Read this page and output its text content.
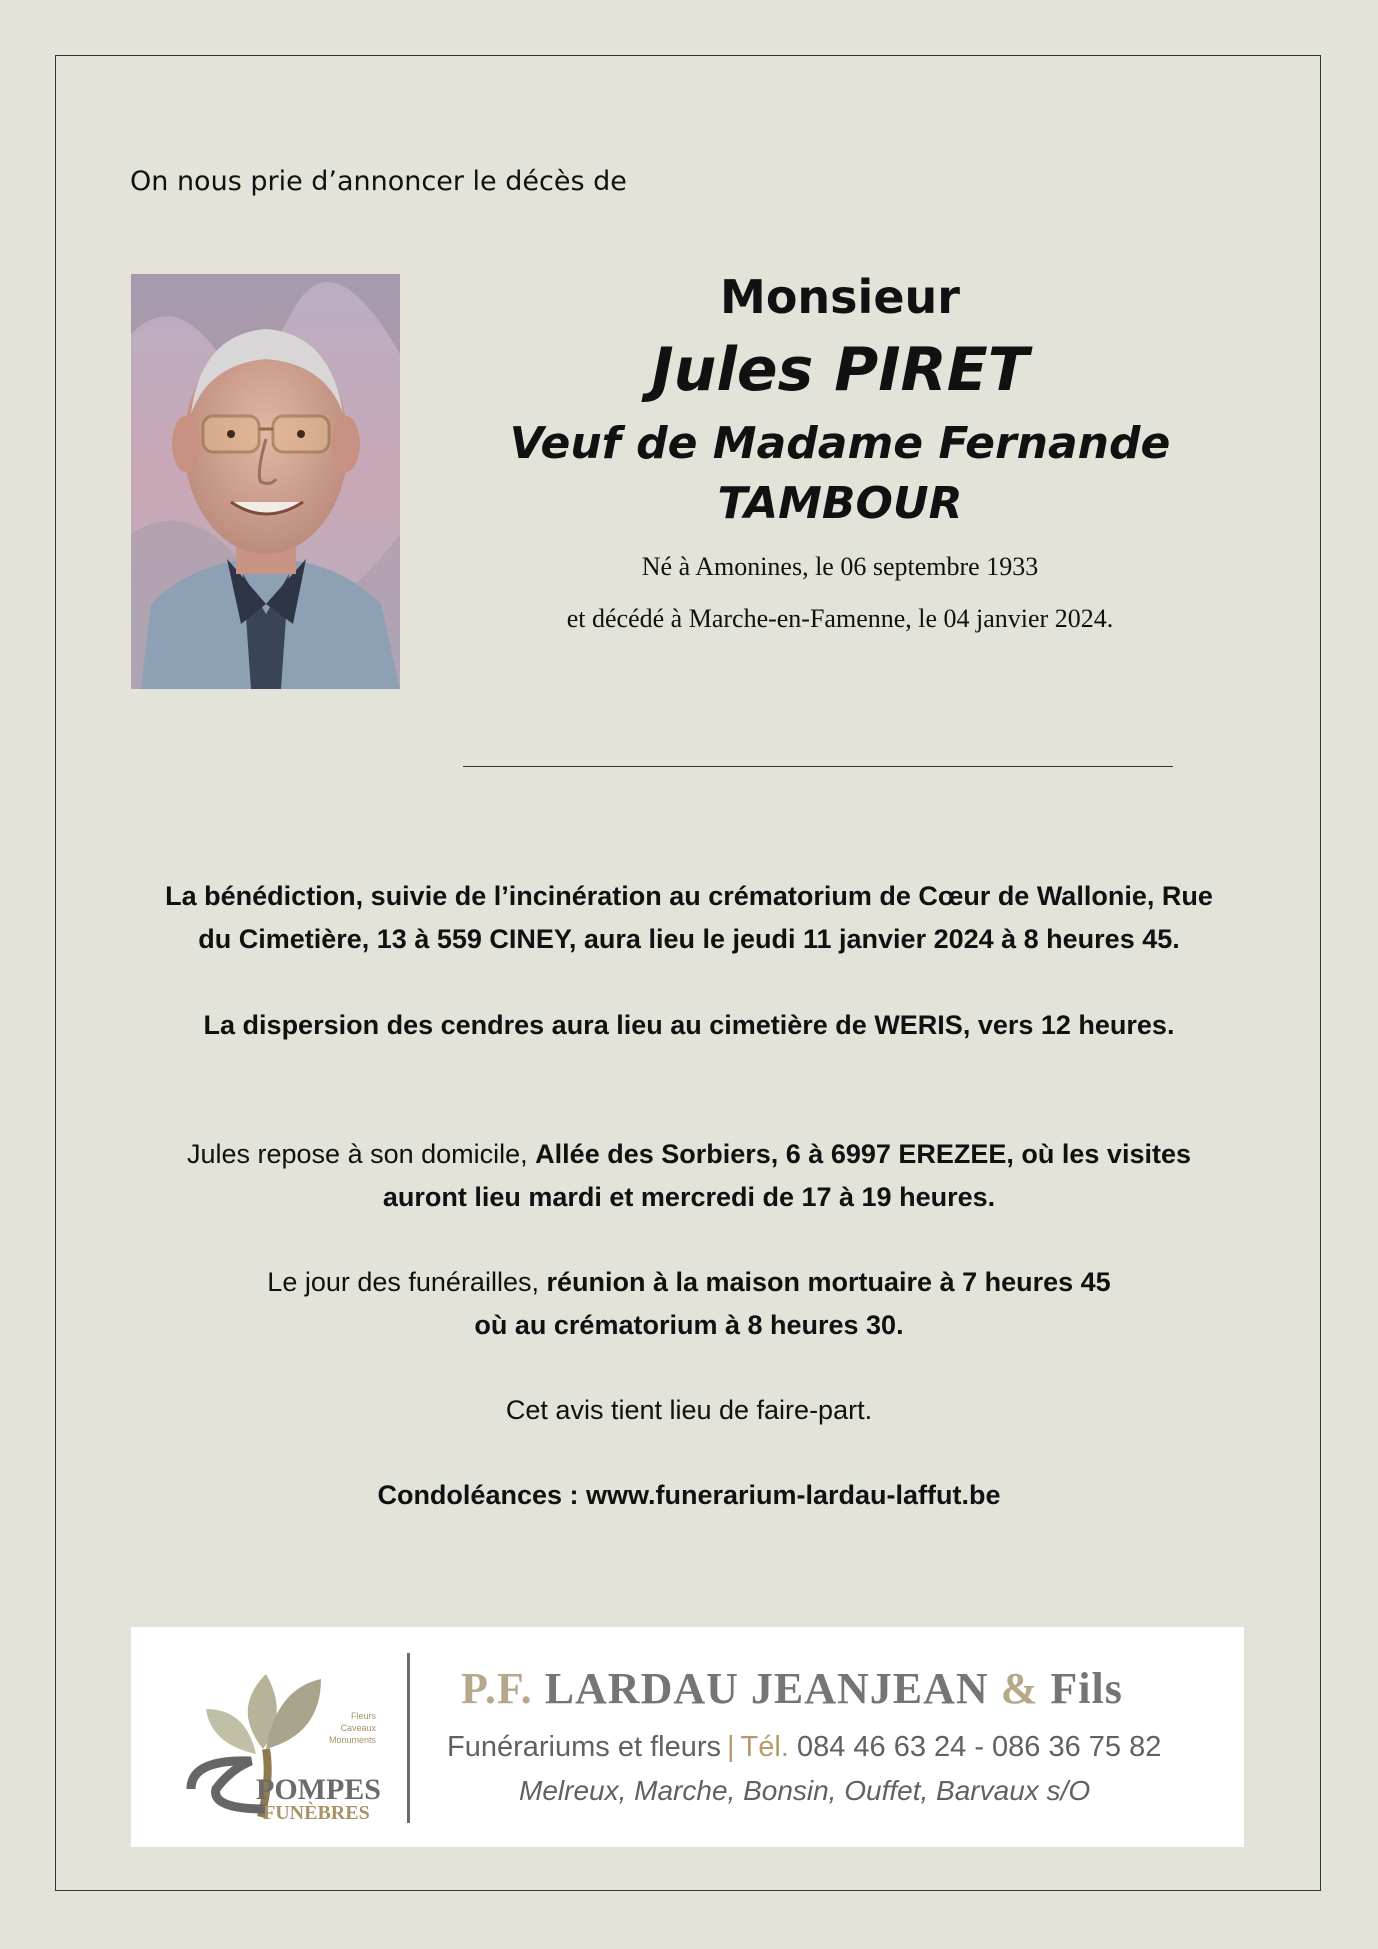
On nous prie d’annoncer le décès de
Monsieur
Jules PIRET
Veuf de Madame Fernande
TAMBOUR
Né à Amonines, le 06 septembre 1933
et décédé à Marche-en-Famenne, le 04 janvier 2024.
La bénédiction, suivie de l’incinération au crématorium de Cœur de Wallonie, Rue
du Cimetière, 13 à 559 CINEY, aura lieu le jeudi 11 janvier 2024 à 8 heures 45.
La dispersion des cendres aura lieu au cimetière de WERIS, vers 12 heures.
Jules repose à son domicile, Allée des Sorbiers, 6 à 6997 EREZEE, où les visites
auront lieu mardi et mercredi de 17 à 19 heures.
Le jour des funérailles, réunion à la maison mortuaire à 7 heures 45
où au crématorium à 8 heures 30.
Cet avis tient lieu de faire-part.
Condoléances : www.funerarium-lardau-laffut.be
Fleurs
Caveaux
Monuments
POMPES
FUNÈBRES
P.F. LARDAU JEANJEAN & Fils
Funérariums et fleurs | Tél. 084 46 63 24 - 086 36 75 82
Melreux, Marche, Bonsin, Ouffet, Barvaux s/O
